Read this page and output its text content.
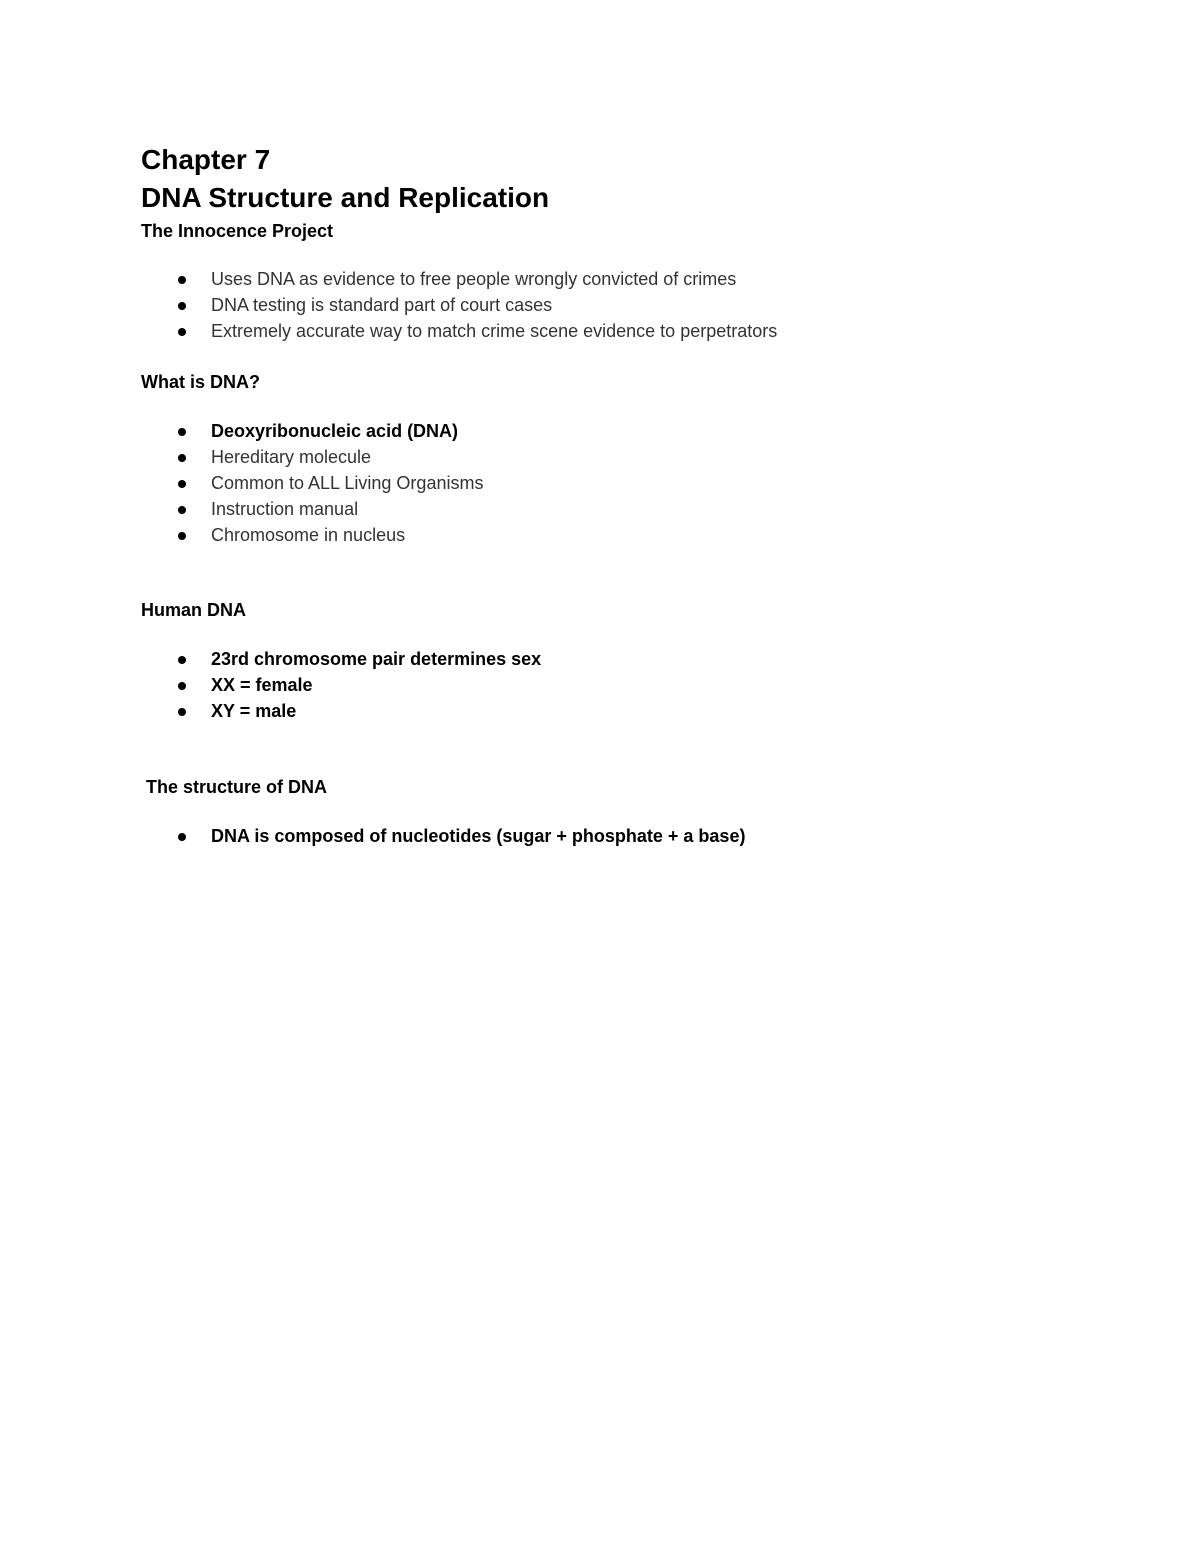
Chapter 7
DNA Structure and Replication
The Innocence Project
Uses DNA as evidence to free people wrongly convicted of crimes
DNA testing is standard part of court cases
Extremely accurate way to match crime scene evidence to perpetrators
What is DNA?
Deoxyribonucleic acid (DNA)
Hereditary molecule
Common to ALL Living Organisms
Instruction manual
Chromosome in nucleus
Human DNA
23rd chromosome pair determines sex
XX = female
XY = male
The structure of DNA
DNA is composed of nucleotides (sugar + phosphate + a base)
